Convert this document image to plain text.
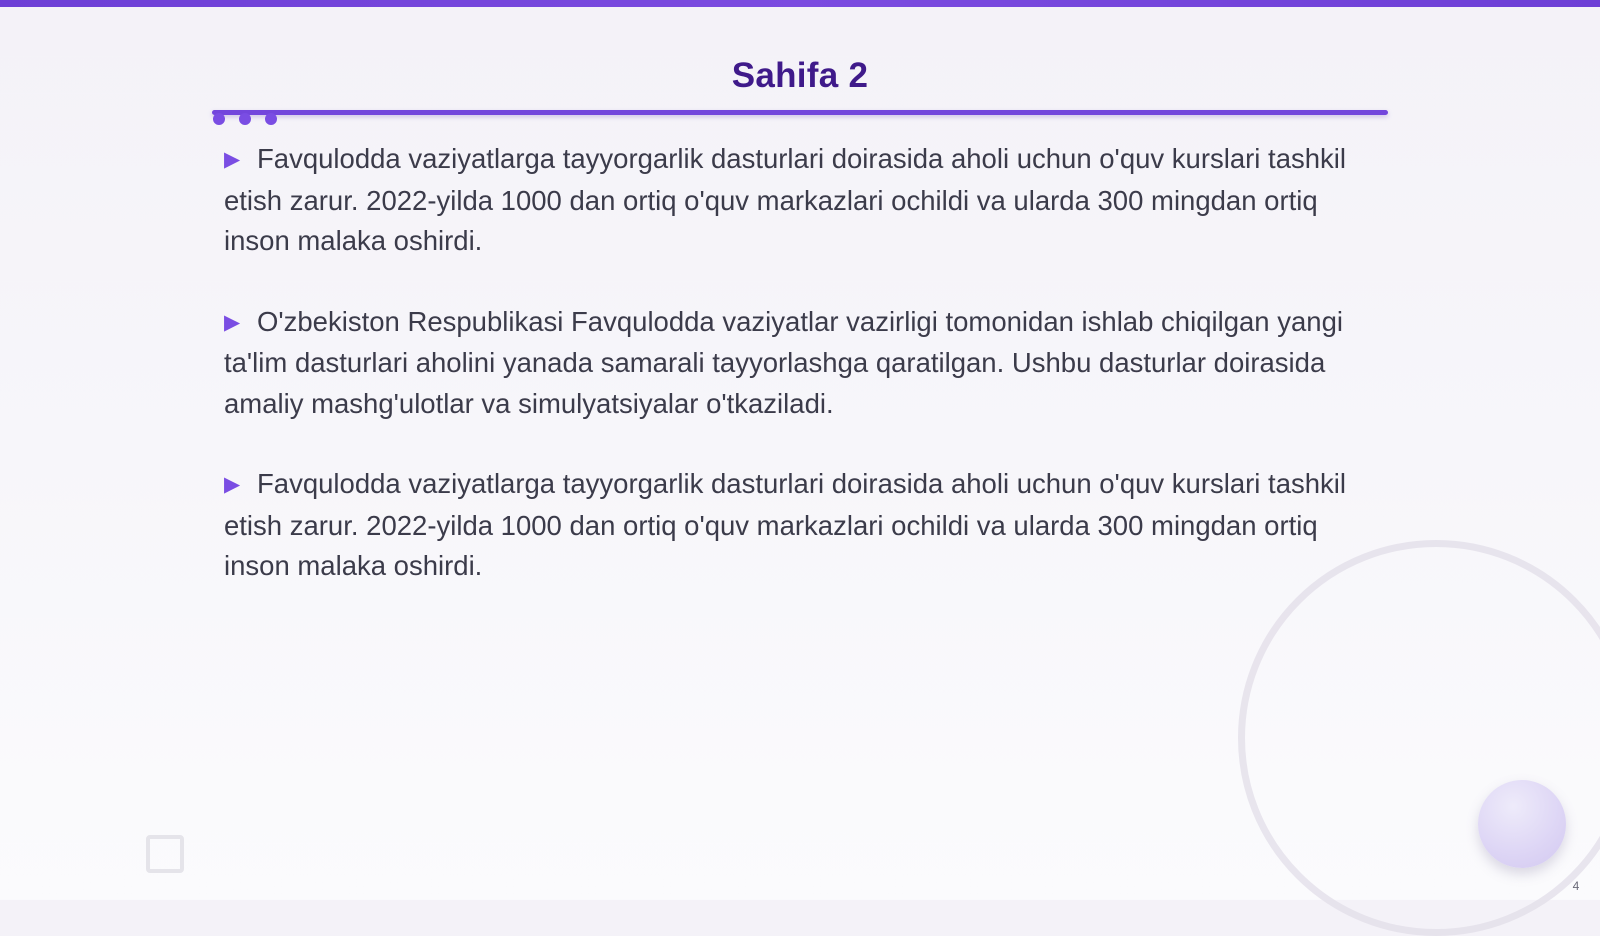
Sahifa 2

▶ Favqulodda vaziyatlarga tayyorgarlik dasturlari doirasida aholi uchun o'quv kurslari tashkil etish zarur. 2022-yilda 1000 dan ortiq o'quv markazlari ochildi va ularda 300 mingdan ortiq inson malaka oshirdi.

▶ O'zbekiston Respublikasi Favqulodda vaziyatlar vazirligi tomonidan ishlab chiqilgan yangi ta'lim dasturlari aholini yanada samarali tayyorlashga qaratilgan. Ushbu dasturlar doirasida amaliy mashg'ulotlar va simulyatsiyalar o'tkaziladi.

▶ Favqulodda vaziyatlarga tayyorgarlik dasturlari doirasida aholi uchun o'quv kurslari tashkil etish zarur. 2022-yilda 1000 dan ortiq o'quv markazlari ochildi va ularda 300 mingdan ortiq inson malaka oshirdi.

4
